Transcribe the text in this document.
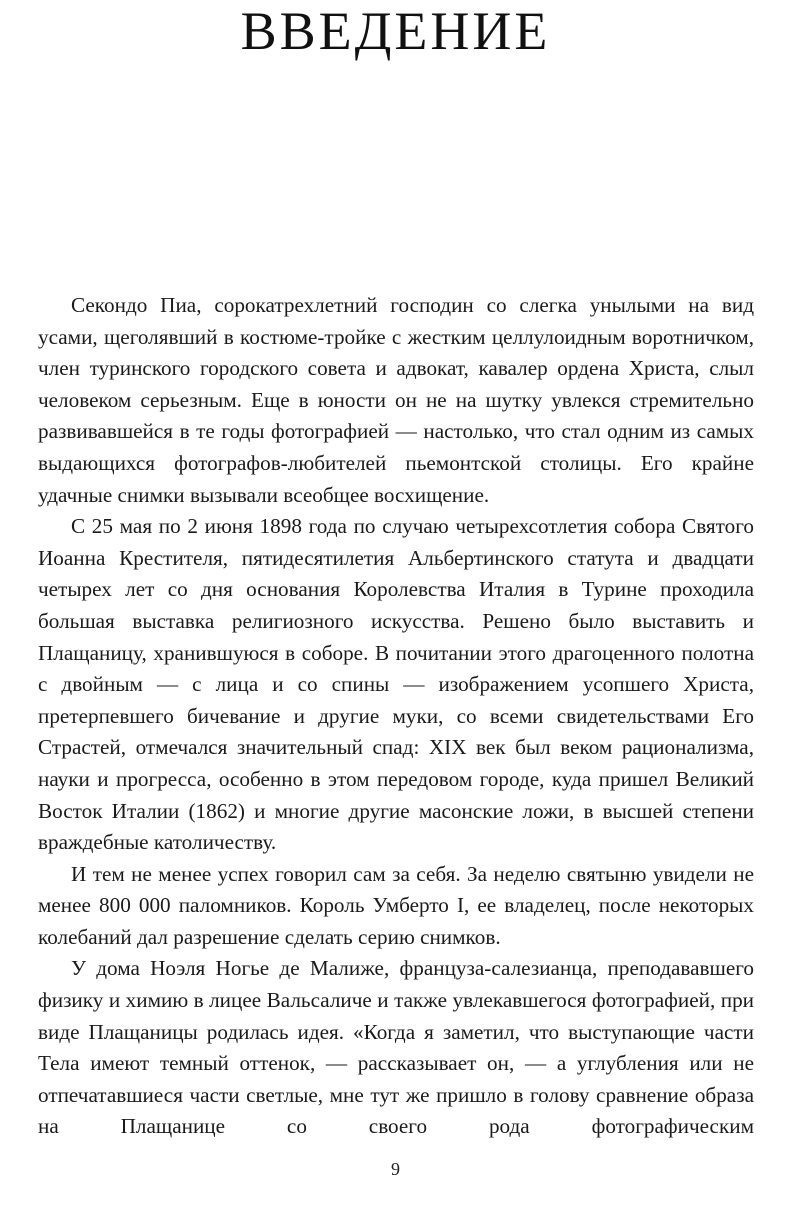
ВВЕДЕНИЕ

Секондо Пиа, сорокатрехлетний господин со слегка унылыми на вид усами, щеголявший в костюме-тройке с жестким целлулоидным воротничком, член туринского городского совета и адвокат, кавалер ордена Христа, слыл человеком серьезным. Еще в юности он не на шутку увлекся стремительно развивавшейся в те годы фотографией — настолько, что стал одним из самых выдающихся фотографов-любителей пьемонтской столицы. Его крайне удачные снимки вызывали всеобщее восхищение.

С 25 мая по 2 июня 1898 года по случаю четырехсотлетия собора Святого Иоанна Крестителя, пятидесятилетия Альбертинского статута и двадцати четырех лет со дня основания Королевства Италия в Турине проходила большая выставка религиозного искусства. Решено было выставить и Плащаницу, хранившуюся в соборе. В почитании этого драгоценного полотна с двойным — с лица и со спины — изображением усопшего Христа, претерпевшего бичевание и другие муки, со всеми свидетельствами Его Страстей, отмечался значительный спад: XIX век был веком рационализма, науки и прогресса, особенно в этом передовом городе, куда пришел Великий Восток Италии (1862) и многие другие масонские ложи, в высшей степени враждебные католичеству.

И тем не менее успех говорил сам за себя. За неделю святыню увидели не менее 800 000 паломников. Король Умберто I, ее владелец, после некоторых колебаний дал разрешение сделать серию снимков.

У дома Ноэля Ногье де Малиже, француза-салезианца, преподававшего физику и химию в лицее Вальсаличе и также увлекавшегося фотографией, при виде Плащаницы родилась идея. «Когда я заметил, что выступающие части Тела имеют темный оттенок, — рассказывает он, — а углубления или не отпечатавшиеся части светлые, мне тут же пришло в голову сравнение образа на Плащанице со своего рода фотографическим

9
